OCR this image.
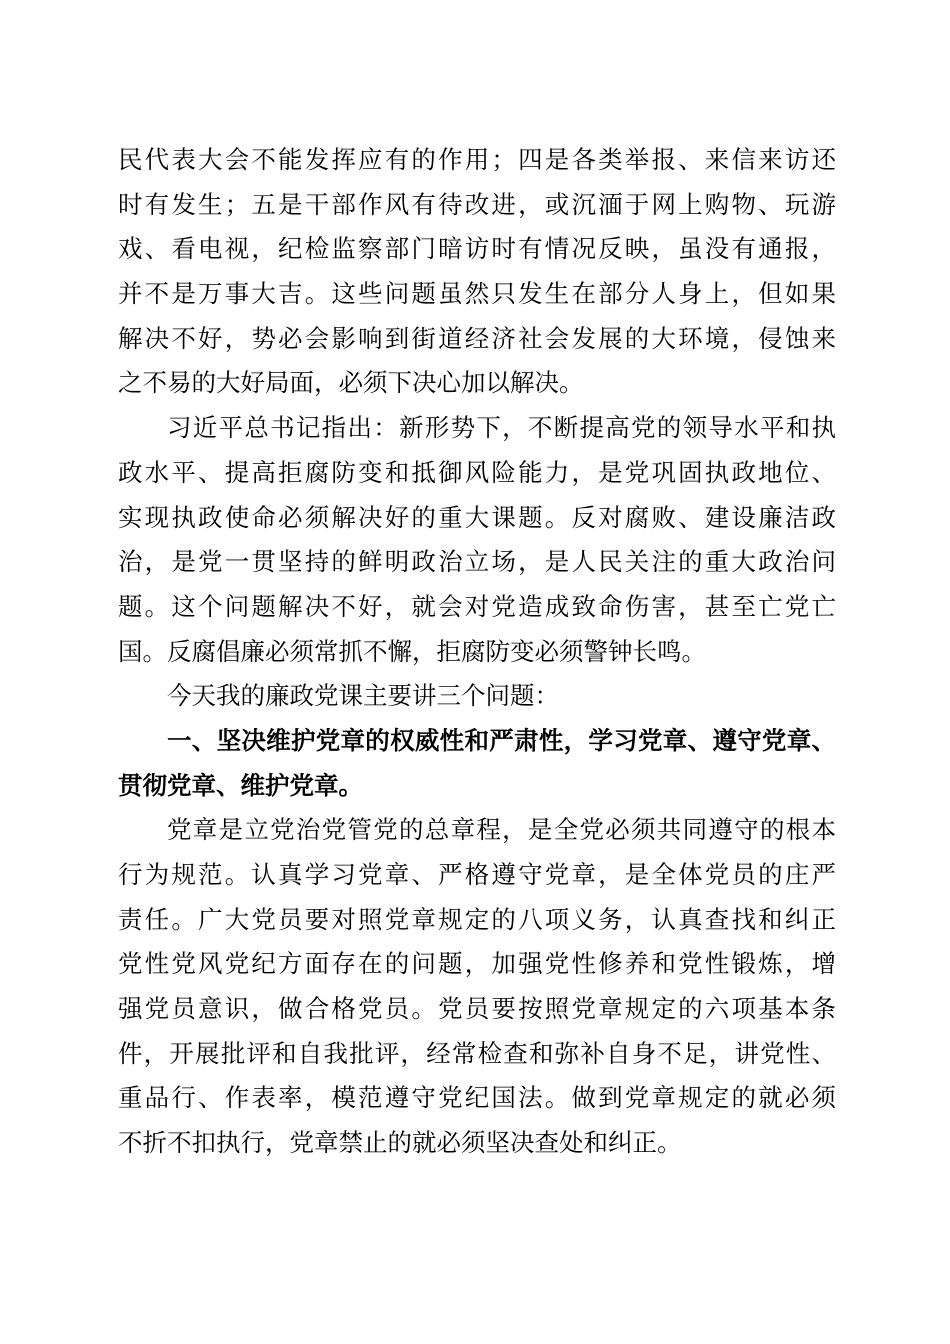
民代表大会不能发挥应有的作用；四是各类举报、来信来访还
时有发生；五是干部作风有待改进，或沉湎于网上购物、玩游
戏、看电视，纪检监察部门暗访时有情况反映，虽没有通报，
并不是万事大吉。这些问题虽然只发生在部分人身上，但如果
解决不好，势必会影响到街道经济社会发展的大环境，侵蚀来
之不易的大好局面，必须下决心加以解决。
习近平总书记指出：新形势下，不断提高党的领导水平和执
政水平、提高拒腐防变和抵御风险能力，是党巩固执政地位、
实现执政使命必须解决好的重大课题。反对腐败、建设廉洁政
治，是党一贯坚持的鲜明政治立场，是人民关注的重大政治问
题。这个问题解决不好，就会对党造成致命伤害，甚至亡党亡
国。反腐倡廉必须常抓不懈，拒腐防变必须警钟长鸣。
今天我的廉政党课主要讲三个问题：
一、坚决维护党章的权威性和严肃性，学习党章、遵守党章、
贯彻党章、维护党章。
党章是立党治党管党的总章程，是全党必须共同遵守的根本
行为规范。认真学习党章、严格遵守党章，是全体党员的庄严
责任。广大党员要对照党章规定的八项义务，认真查找和纠正
党性党风党纪方面存在的问题，加强党性修养和党性锻炼，增
强党员意识，做合格党员。党员要按照党章规定的六项基本条
件，开展批评和自我批评，经常检查和弥补自身不足，讲党性、
重品行、作表率，模范遵守党纪国法。做到党章规定的就必须
不折不扣执行，党章禁止的就必须坚决查处和纠正。
